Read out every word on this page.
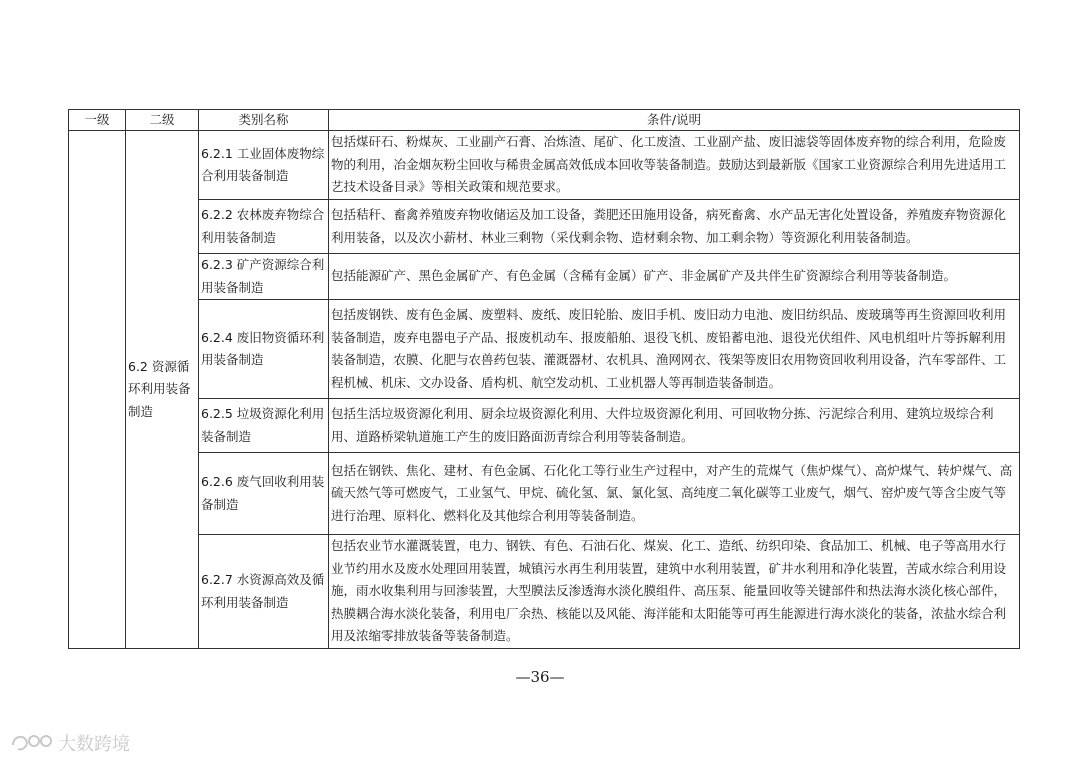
一级	二级	类别名称	条件/说明
	6.2 资源循环利用装备制造	6.2.1 工业固体废物综合利用装备制造	包括煤矸石、粉煤灰、工业副产石膏、冶炼渣、尾矿、化工废渣、工业副产盐、废旧滤袋等固体废弃物的综合利用，危险废物的利用，冶金烟灰粉尘回收与稀贵金属高效低成本回收等装备制造。鼓励达到最新版《国家工业资源综合利用先进适用工艺技术设备目录》等相关政策和规范要求。
		6.2.2 农林废弃物综合利用装备制造	包括秸秆、畜禽养殖废弃物收储运及加工设备，粪肥还田施用设备，病死畜禽、水产品无害化处置设备，养殖废弃物资源化利用装备，以及次小薪材、林业三剩物（采伐剩余物、造材剩余物、加工剩余物）等资源化利用装备制造。
		6.2.3 矿产资源综合利用装备制造	包括能源矿产、黑色金属矿产、有色金属（含稀有金属）矿产、非金属矿产及共伴生矿资源综合利用等装备制造。
		6.2.4 废旧物资循环利用装备制造	包括废钢铁、废有色金属、废塑料、废纸、废旧轮胎、废旧手机、废旧动力电池、废旧纺织品、废玻璃等再生资源回收利用装备制造，废弃电器电子产品、报废机动车、报废船舶、退役飞机、废铅蓄电池、退役光伏组件、风电机组叶片等拆解利用装备制造，农膜、化肥与农兽药包装、灌溉器材、农机具、渔网网衣、筏架等废旧农用物资回收利用设备，汽车零部件、工程机械、机床、文办设备、盾构机、航空发动机、工业机器人等再制造装备制造。
		6.2.5 垃圾资源化利用装备制造	包括生活垃圾资源化利用、厨余垃圾资源化利用、大件垃圾资源化利用、可回收物分拣、污泥综合利用、建筑垃圾综合利用、道路桥梁轨道施工产生的废旧路面沥青综合利用等装备制造。
		6.2.6 废气回收利用装备制造	包括在钢铁、焦化、建材、有色金属、石化化工等行业生产过程中，对产生的荒煤气（焦炉煤气）、高炉煤气、转炉煤气、高硫天然气等可燃废气，工业氢气、甲烷、硫化氢、氯、氯化氢、高纯度二氧化碳等工业废气，烟气、窑炉废气等含尘废气等进行治理、原料化、燃料化及其他综合利用等装备制造。
		6.2.7 水资源高效及循环利用装备制造	包括农业节水灌溉装置，电力、钢铁、有色、石油石化、煤炭、化工、造纸、纺织印染、食品加工、机械、电子等高用水行业节约用水及废水处理回用装置，城镇污水再生利用装置，建筑中水利用装置，矿井水利用和净化装置，苦咸水综合利用设施，雨水收集利用与回渗装置，大型膜法反渗透海水淡化膜组件、高压泵、能量回收等关键部件和热法海水淡化核心部件，热膜耦合海水淡化装备，利用电厂余热、核能以及风能、海洋能和太阳能等可再生能源进行海水淡化的装备，浓盐水综合利用及浓缩零排放装备等装备制造。
—36—
大数跨境
